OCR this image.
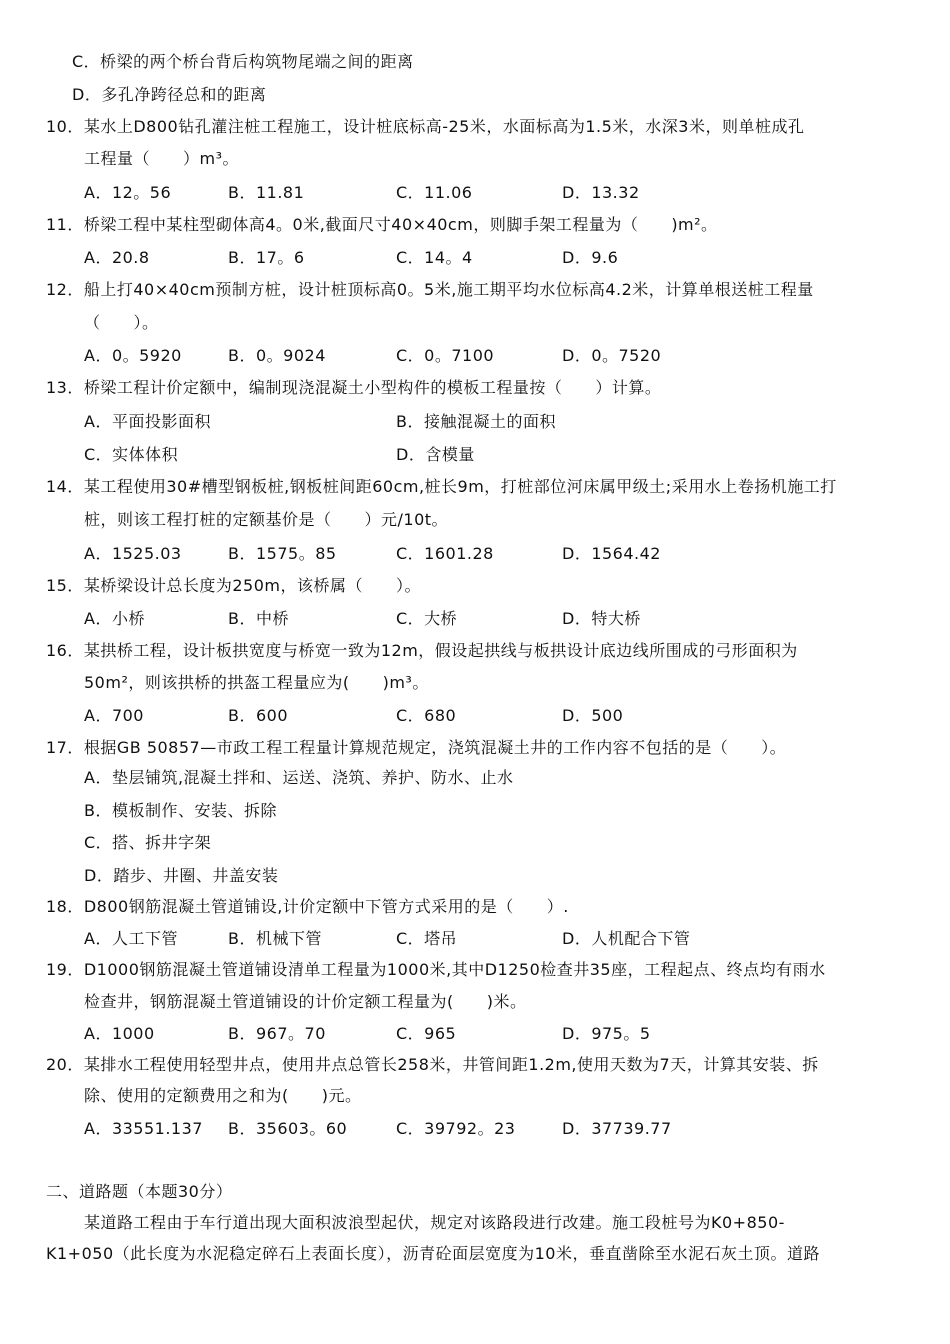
C．桥梁的两个桥台背后构筑物尾端之间的距离
D．多孔净跨径总和的距离
10．某水上D800钻孔灌注桩工程施工，设计桩底标高-25米，水面标高为1.5米，水深3米，则单桩成孔
工程量（　　）m³。
A．12。56	B．11.81	C．11.06	D．13.32
11．桥梁工程中某柱型砌体高4。0米,截面尺寸40×40cm，则脚手架工程量为（　　)m²。
A．20.8	B．17。6	C．14。4	D．9.6
12．船上打40×40cm预制方桩，设计桩顶标高0。5米,施工期平均水位标高4.2米，计算单根送桩工程量
（　　）。
A．0。5920	B．0。9024	C．0。7100	D．0。7520
13．桥梁工程计价定额中，编制现浇混凝土小型构件的模板工程量按（　　）计算。
A．平面投影面积	B．接触混凝土的面积
C．实体体积	D．含模量
14．某工程使用30#槽型钢板桩,钢板桩间距60cm,桩长9m，打桩部位河床属甲级土;采用水上卷扬机施工打
桩，则该工程打桩的定额基价是（　　）元/10t。
A．1525.03	B．1575。85	C．1601.28	D．1564.42
15．某桥梁设计总长度为250m，该桥属（　　）。
A．小桥	B．中桥	C．大桥	D．特大桥
16．某拱桥工程，设计板拱宽度与桥宽一致为12m，假设起拱线与板拱设计底边线所围成的弓形面积为
50m²，则该拱桥的拱盔工程量应为(　　)m³。
A．700	B．600	C．680	D．500
17．根据GB 50857—市政工程工程量计算规范规定，浇筑混凝土井的工作内容不包括的是（　　）。
A．垫层铺筑,混凝土拌和、运送、浇筑、养护、防水、止水
B．模板制作、安装、拆除
C．搭、拆井字架
D．踏步、井圈、井盖安装
18．D800钢筋混凝土管道铺设,计价定额中下管方式采用的是（　　）.
A．人工下管	B．机械下管	C．塔吊	D．人机配合下管
19．D1000钢筋混凝土管道铺设清单工程量为1000米,其中D1250检查井35座，工程起点、终点均有雨水
检查井，钢筋混凝土管道铺设的计价定额工程量为(　　)米。
A．1000	B．967。70	C．965	D．975。5
20．某排水工程使用轻型井点，使用井点总管长258米，井管间距1.2m,使用天数为7天，计算其安装、拆
除、使用的定额费用之和为(　　)元。
A．33551.137 B．35603。60	C．39792。23	D．37739.77
二、道路题（本题30分）
某道路工程由于车行道出现大面积波浪型起伏，规定对该路段进行改建。施工段桩号为K0+850-
K1+050（此长度为水泥稳定碎石上表面长度），沥青砼面层宽度为10米，垂直凿除至水泥石灰土顶。道路
